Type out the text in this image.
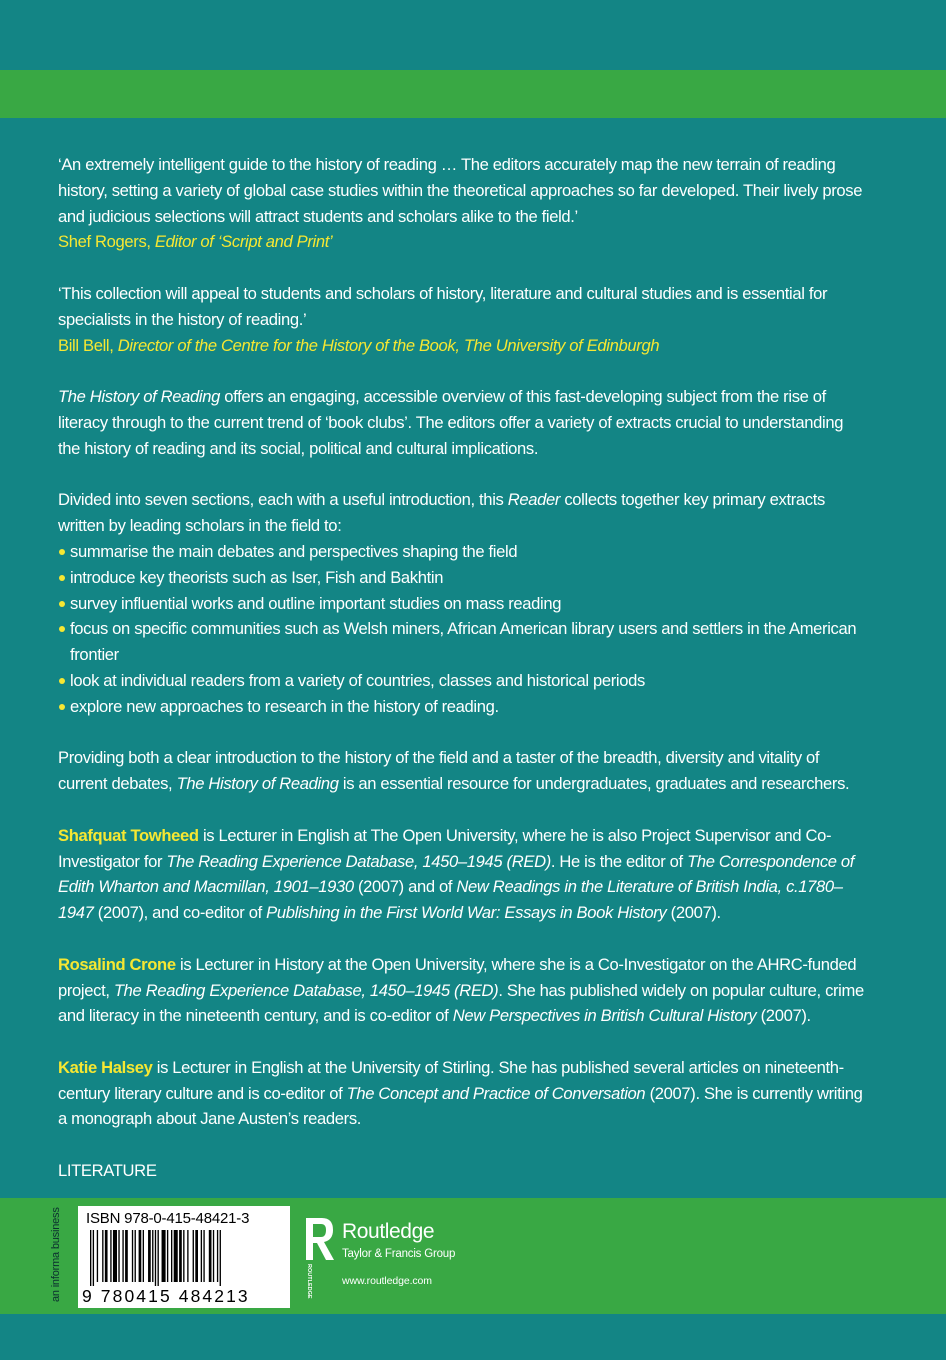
‘An extremely intelligent guide to the history of reading … The editors accurately map the new terrain of reading history, setting a variety of global case studies within the theoretical approaches so far developed. Their lively prose and judicious selections will attract students and scholars alike to the field.’
Shef Rogers, Editor of ‘Script and Print’

‘This collection will appeal to students and scholars of history, literature and cultural studies and is essential for specialists in the history of reading.’
Bill Bell, Director of the Centre for the History of the Book, The University of Edinburgh

The History of Reading offers an engaging, accessible overview of this fast-developing subject from the rise of literacy through to the current trend of ‘book clubs’. The editors offer a variety of extracts crucial to understanding the history of reading and its social, political and cultural implications.

Divided into seven sections, each with a useful introduction, this Reader collects together key primary extracts written by leading scholars in the field to:

summarise the main debates and perspectives shaping the field
introduce key theorists such as Iser, Fish and Bakhtin
survey influential works and outline important studies on mass reading
focus on specific communities such as Welsh miners, African American library users and settlers in the American frontier
look at individual readers from a variety of countries, classes and historical periods
explore new approaches to research in the history of reading.

Providing both a clear introduction to the history of the field and a taster of the breadth, diversity and vitality of current debates, The History of Reading is an essential resource for undergraduates, graduates and researchers.

Shafquat Towheed is Lecturer in English at The Open University, where he is also Project Supervisor and Co-Investigator for The Reading Experience Database, 1450–1945 (RED). He is the editor of The Correspondence of Edith Wharton and Macmillan, 1901–1930 (2007) and of New Readings in the Literature of British India, c.1780–1947 (2007), and co-editor of Publishing in the First World War: Essays in Book History (2007).

Rosalind Crone is Lecturer in History at the Open University, where she is a Co-Investigator on the AHRC-funded project, The Reading Experience Database, 1450–1945 (RED). She has published widely on popular culture, crime and literacy in the nineteenth century, and is co-editor of New Perspectives in British Cultural History (2007).

Katie Halsey is Lecturer in English at the University of Stirling. She has published several articles on nineteenth-century literary culture and is co-editor of The Concept and Practice of Conversation (2007). She is currently writing a monograph about Jane Austen’s readers.

LITERATURE

an informa business ISBN 978-0-415-48421-3
9 780415 484213	ROUTLEDGE
Routledge
Taylor & Francis Group
www.routledge.com
